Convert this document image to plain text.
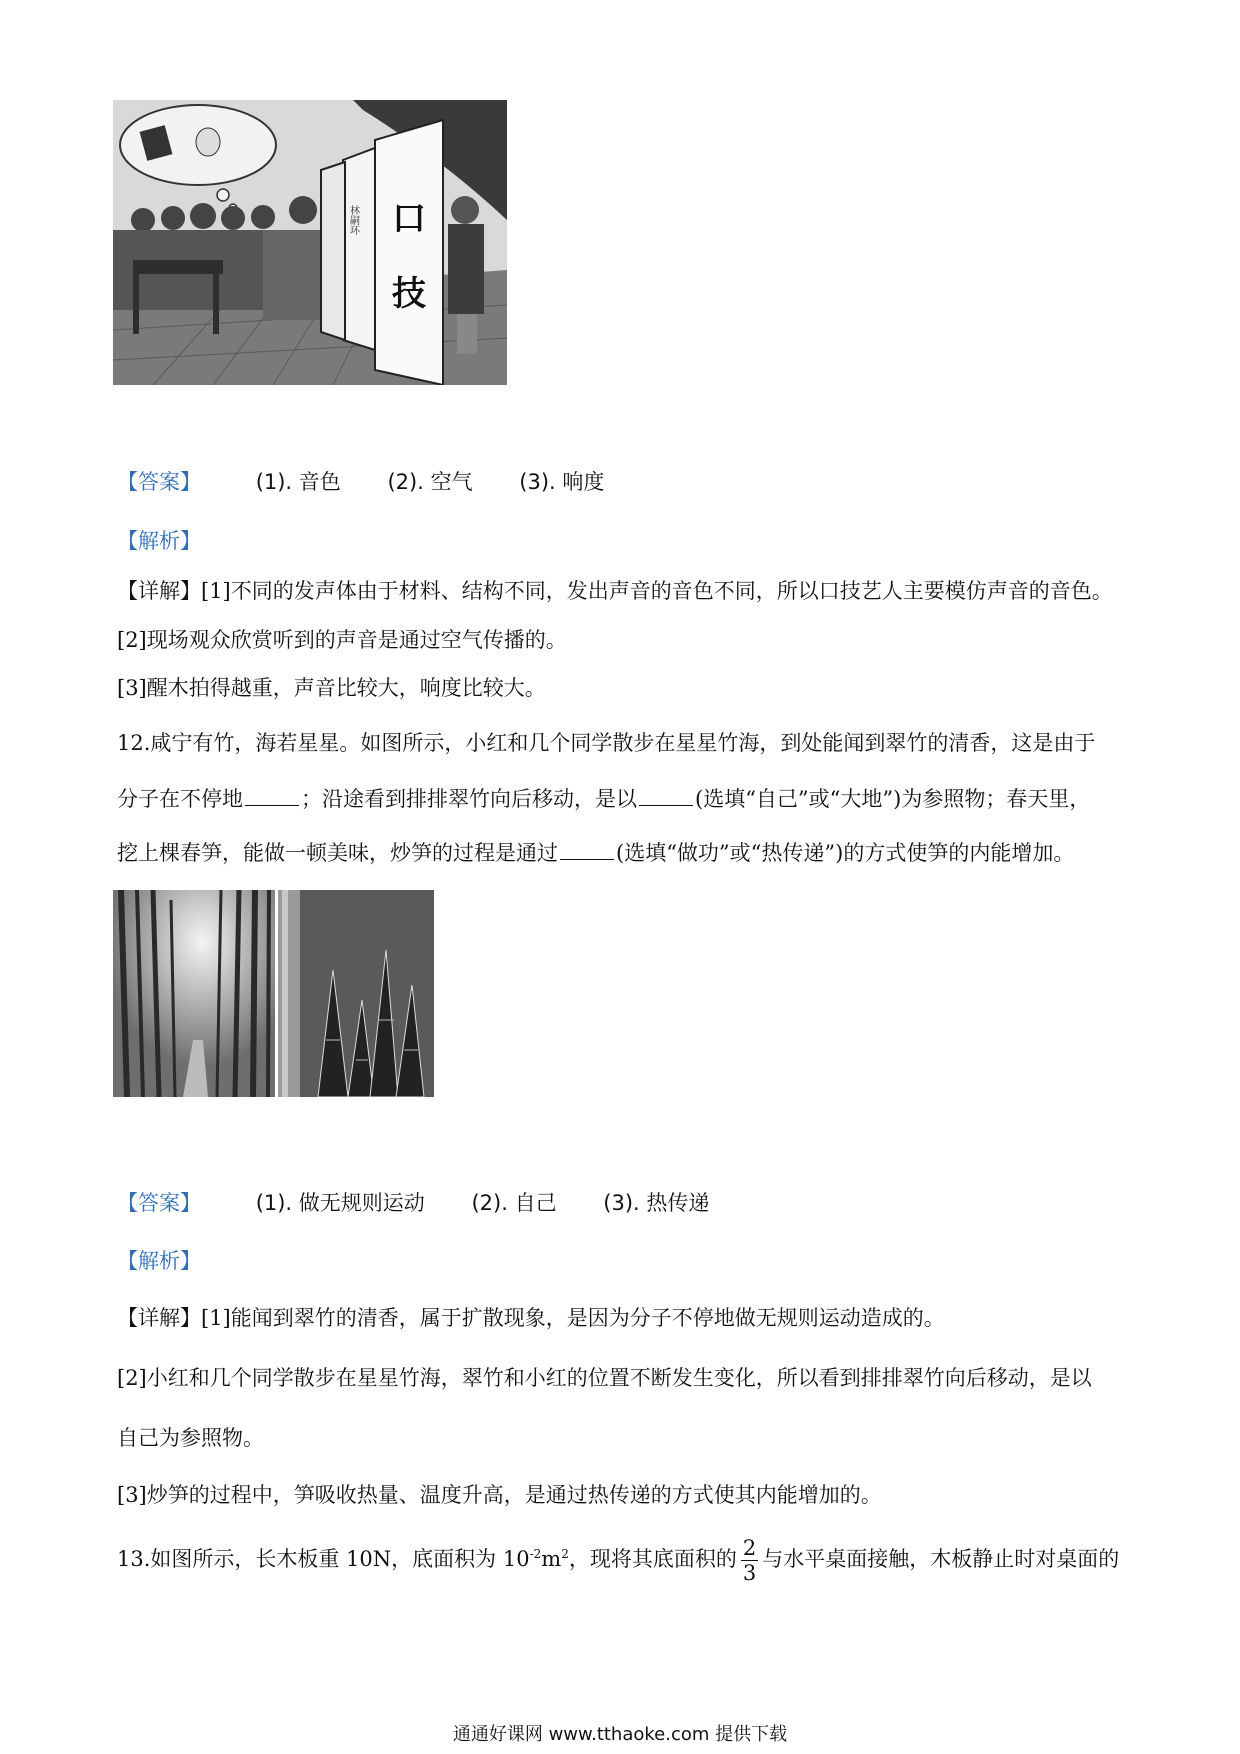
口
技
林嗣环
【答案】	(1). 音色 (2). 空气 (3). 响度
【解析】
【详解】[1]不同的发声体由于材料、结构不同，发出声音的音色不同，所以口技艺人主要模仿声音的音色。
[2]现场观众欣赏听到的声音是通过空气传播的。
[3]醒木拍得越重，声音比较大，响度比较大。
12.咸宁有竹，海若星星。如图所示，小红和几个同学散步在星星竹海，到处能闻到翠竹的清香，这是由于
分子在不停地	；沿途看到排排翠竹向后移动，是以	(选填“自己”或“大地”)为参照物；春天里，
挖上棵春笋，能做一顿美味，炒笋的过程是通过	(选填“做功”或“热传递”)的方式使笋的内能增加。
【答案】	(1). 做无规则运动 (2). 自己 (3). 热传递
【解析】
【详解】[1]能闻到翠竹的清香，属于扩散现象，是因为分子不停地做无规则运动造成的。
[2]小红和几个同学散步在星星竹海，翠竹和小红的位置不断发生变化，所以看到排排翠竹向后移动，是以
自己为参照物。
[3]炒笋的过程中，笋吸收热量、温度升高，是通过热传递的方式使其内能增加的。
13.如图所示，长木板重 10N，底面积为 $10^{-2}m^2$，现将其底面积的 $\frac{2}{3}$ 与水平桌面接触，木板静止时对桌面的
通通好课网 www.tthaoke.com 提供下载
